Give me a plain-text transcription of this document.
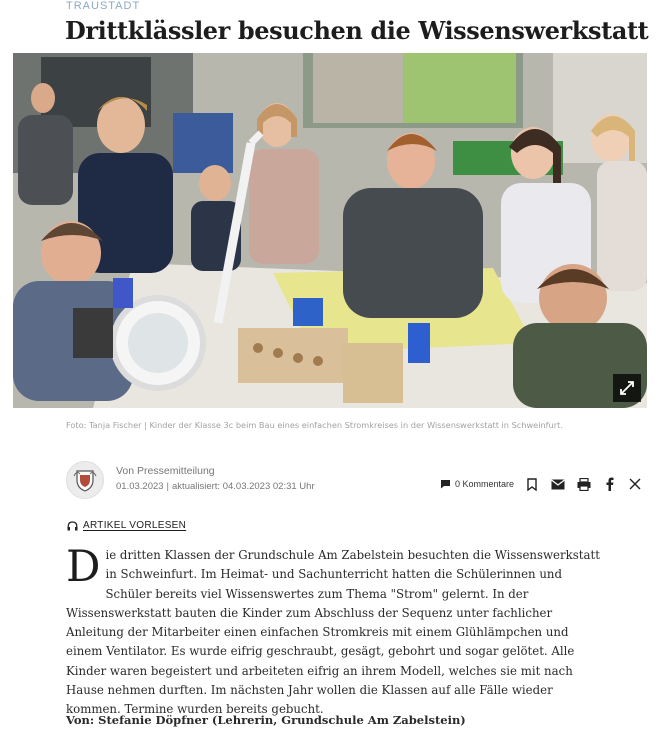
TRAUSTADT
Drittklässler besuchen die Wissenswerkstatt
Foto: Tanja Fischer | Kinder der Klasse 3c beim Bau eines einfachen Stromkreises in der Wissenswerkstatt in Schweinfurt.
Von Pressemitteilung
01.03.2023 | aktualisiert: 04.03.2023 02:31 Uhr	0 Kommentare
ARTIKEL VORLESEN
Die dritten Klassen der Grundschule Am Zabelstein besuchten die Wissenswerkstatt in Schweinfurt. Im Heimat- und Sachunterricht hatten die Schülerinnen und Schüler bereits viel Wissenswertes zum Thema "Strom" gelernt. In der Wissenswerkstatt bauten die Kinder zum Abschluss der Sequenz unter fachlicher Anleitung der Mitarbeiter einen einfachen Stromkreis mit einem Glühlämpchen und einem Ventilator. Es wurde eifrig geschraubt, gesägt, gebohrt und sogar gelötet. Alle Kinder waren begeistert und arbeiteten eifrig an ihrem Modell, welches sie mit nach Hause nehmen durften. Im nächsten Jahr wollen die Klassen auf alle Fälle wieder kommen. Termine wurden bereits gebucht.
Von: Stefanie Döpfner (Lehrerin, Grundschule Am Zabelstein)
